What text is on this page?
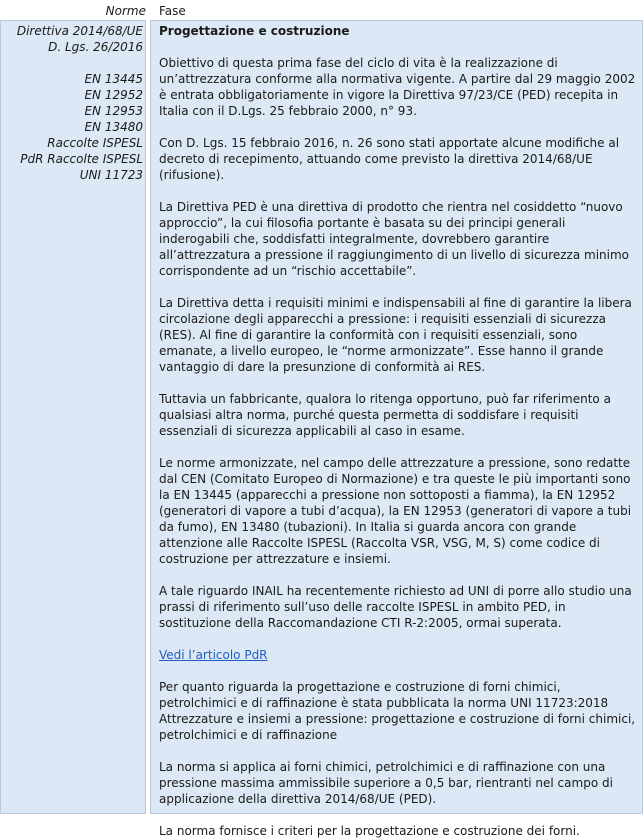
Norme Fase
Direttiva 2014/68/UE
D. Lgs. 26/2016
EN 13445
EN 12952
EN 12953
EN 13480
Raccolte ISPESL
PdR Raccolte ISPESL
UNI 11723
Progettazione e costruzione

Obiettivo di questa prima fase del ciclo di vita è la realizzazione di un’attrezzatura conforme alla normativa vigente. A partire dal 29 maggio 2002 è entrata obbligatoriamente in vigore la Direttiva 97/23/CE (PED) recepita in Italia con il D.Lgs. 25 febbraio 2000, n° 93.

Con D. Lgs. 15 febbraio 2016, n. 26 sono stati apportate alcune modifiche al decreto di recepimento, attuando come previsto la direttiva 2014/68/UE (rifusione).

La Direttiva PED è una direttiva di prodotto che rientra nel cosiddetto “nuovo approccio”, la cui filosofia portante è basata su dei principi generali inderogabili che, soddisfatti integralmente, dovrebbero garantire all’attrezzatura a pressione il raggiungimento di un livello di sicurezza minimo corrispondente ad un “rischio accettabile”.

La Direttiva detta i requisiti minimi e indispensabili al fine di garantire la libera circolazione degli apparecchi a pressione: i requisiti essenziali di sicurezza (RES). Al fine di garantire la conformità con i requisiti essenziali, sono emanate, a livello europeo, le “norme armonizzate”. Esse hanno il grande vantaggio di dare la presunzione di conformità ai RES.

Tuttavia un fabbricante, qualora lo ritenga opportuno, può far riferimento a qualsiasi altra norma, purché questa permetta di soddisfare i requisiti essenziali di sicurezza applicabili al caso in esame.

Le norme armonizzate, nel campo delle attrezzature a pressione, sono redatte dal CEN (Comitato Europeo di Normazione) e tra queste le più importanti sono la EN 13445 (apparecchi a pressione non sottoposti a fiamma), la EN 12952 (generatori di vapore a tubi d’acqua), la EN 12953 (generatori di vapore a tubi da fumo), EN 13480 (tubazioni). In Italia si guarda ancora con grande attenzione alle Raccolte ISPESL (Raccolta VSR, VSG, M, S) come codice di costruzione per attrezzature e insiemi.

A tale riguardo INAIL ha recentemente richiesto ad UNI di porre allo studio una prassi di riferimento sull’uso delle raccolte ISPESL in ambito PED, in sostituzione della Raccomandazione CTI R-2:2005, ormai superata.

Vedi l’articolo PdR

Per quanto riguarda la progettazione e costruzione di forni chimici, petrolchimici e di raffinazione è stata pubblicata la norma UNI 11723:2018

Attrezzature e insiemi a pressione: progettazione e costruzione di forni chimici, petrolchimici e di raffinazione

La norma si applica ai forni chimici, petrolchimici e di raffinazione con una pressione massima ammissibile superiore a 0,5 bar, rientranti nel campo di applicazione della direttiva 2014/68/UE (PED).

La norma fornisce i criteri per la progettazione e costruzione dei forni.
